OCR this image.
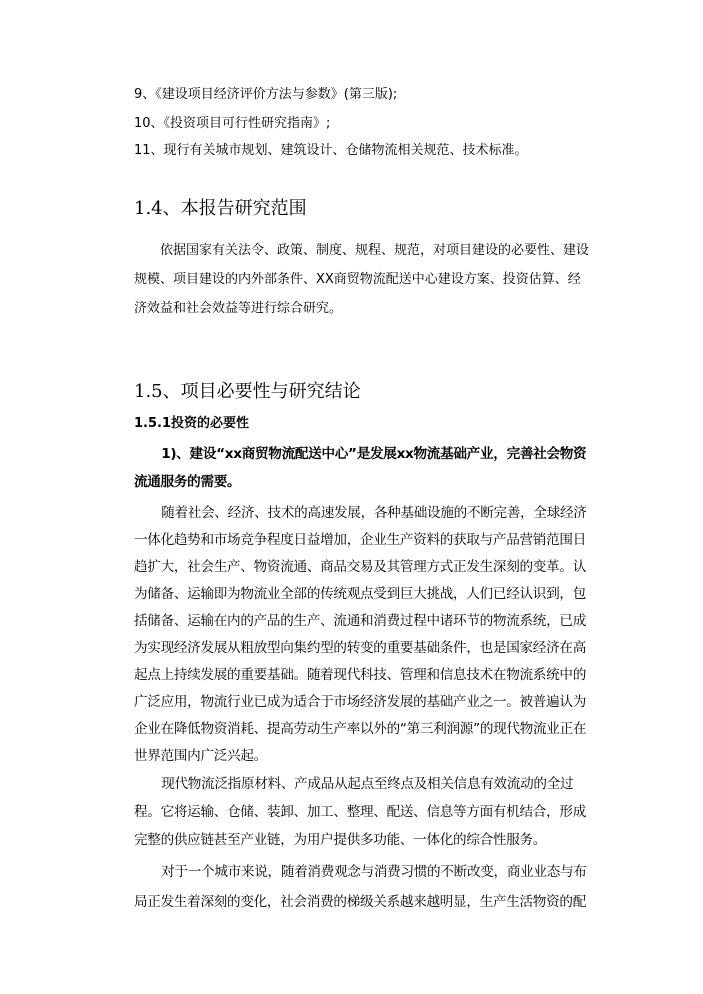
9、《建设项目经济评价方法与参数》(第三版);
10、《投资项目可行性研究指南》;
11、现行有关城市规划、建筑设计、仓储物流相关规范、技术标准。
1.4、本报告研究范围
依据国家有关法令、政策、制度、规程、规范，对项目建设的必要性、建设规模、项目建设的内外部条件、XX商贸物流配送中心建设方案、投资估算、经济效益和社会效益等进行综合研究。
1.5、项目必要性与研究结论
1.5.1投资的必要性
1)、建设“xx商贸物流配送中心”是发展xx物流基础产业，完善社会物资流通服务的需要。
随着社会、经济、技术的高速发展，各种基础设施的不断完善，全球经济一体化趋势和市场竞争程度日益增加，企业生产资料的获取与产品营销范围日趋扩大，社会生产、物资流通、商品交易及其管理方式正发生深刻的变革。认为储备、运输即为物流业全部的传统观点受到巨大挑战，人们已经认识到，包括储备、运输在内的产品的生产、流通和消费过程中诸环节的物流系统，已成为实现经济发展从粗放型向集约型的转变的重要基础条件，也是国家经济在高起点上持续发展的重要基础。随着现代科技、管理和信息技术在物流系统中的广泛应用，物流行业已成为适合于市场经济发展的基础产业之一。被普遍认为企业在降低物资消耗、提高劳动生产率以外的“第三利润源”的现代物流业正在世界范围内广泛兴起。
现代物流泛指原材料、产成品从起点至终点及相关信息有效流动的全过程。它将运输、仓储、装卸、加工、整理、配送、信息等方面有机结合，形成完整的供应链甚至产业链，为用户提供多功能、一体化的综合性服务。
对于一个城市来说，随着消费观念与消费习惯的不断改变，商业业态与布局正发生着深刻的变化，社会消费的梯级关系越来越明显，生产生活物资的配
